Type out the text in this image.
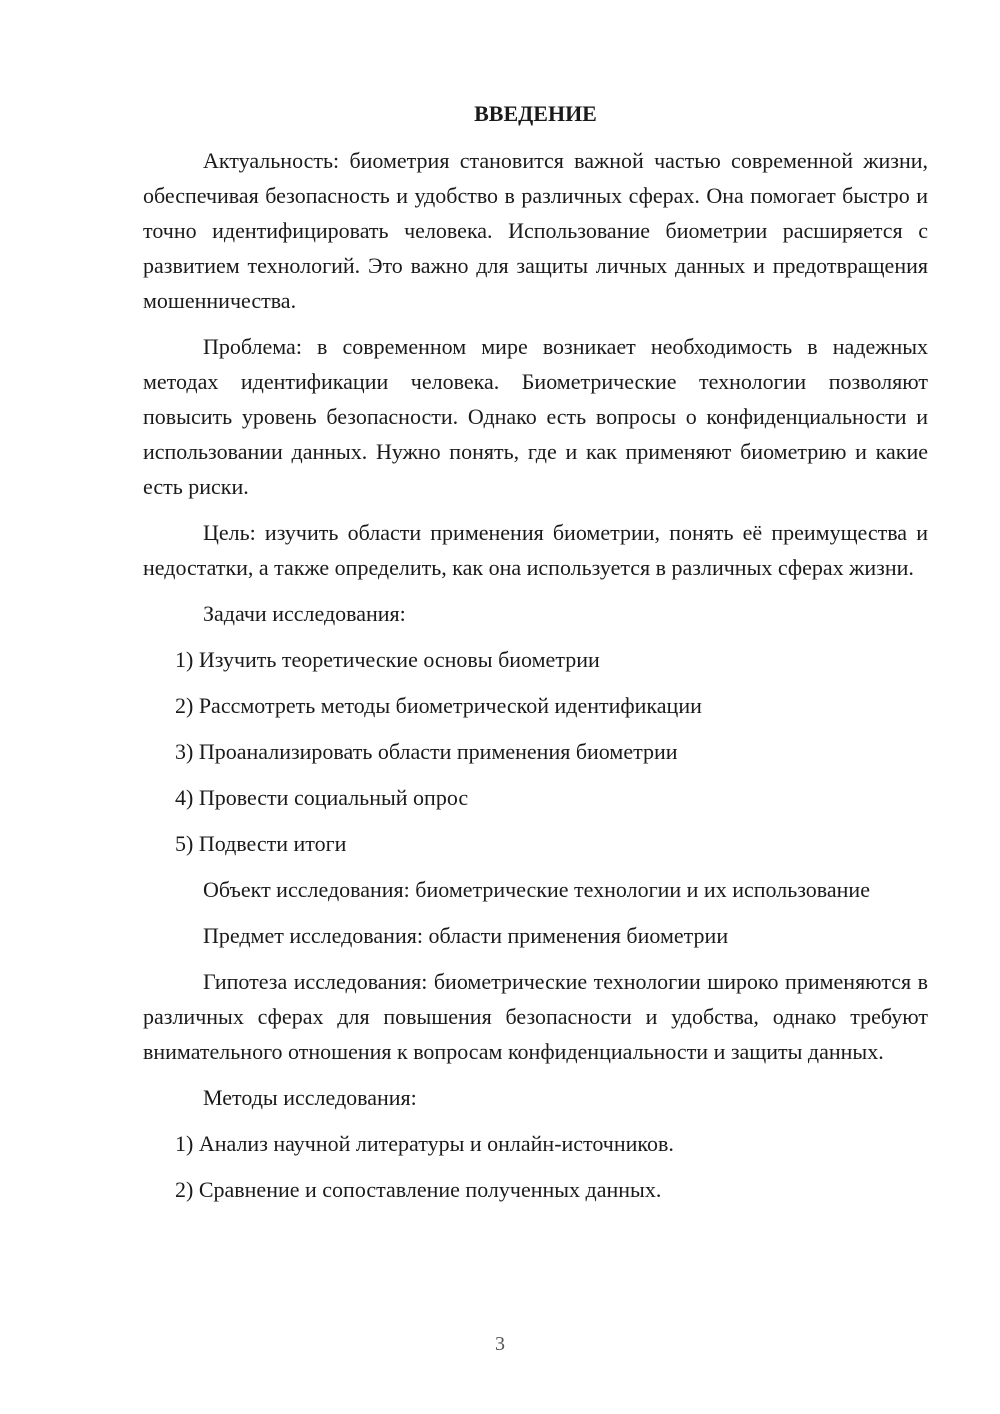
ВВЕДЕНИЕ

Актуальность: биометрия становится важной частью современной жизни, обеспечивая безопасность и удобство в различных сферах. Она помогает быстро и точно идентифицировать человека. Использование биометрии расширяется с развитием технологий. Это важно для защиты личных данных и предотвращения мошенничества.

Проблема: в современном мире возникает необходимость в надежных методах идентификации человека. Биометрические технологии позволяют повысить уровень безопасности. Однако есть вопросы о конфиденциальности и использовании данных. Нужно понять, где и как применяют биометрию и какие есть риски.

Цель: изучить области применения биометрии, понять её преимущества и недостатки, а также определить, как она используется в различных сферах жизни.

Задачи исследования:

1) Изучить теоретические основы биометрии

2) Рассмотреть методы биометрической идентификации

3) Проанализировать области применения биометрии

4) Провести социальный опрос

5) Подвести итоги

Объект исследования: биометрические технологии и их использование

Предмет исследования: области применения биометрии

Гипотеза исследования: биометрические технологии широко применяются в различных сферах для повышения безопасности и удобства, однако требуют внимательного отношения к вопросам конфиденциальности и защиты данных.

Методы исследования:

1) Анализ научной литературы и онлайн-источников.

2) Сравнение и сопоставление полученных данных.

3
